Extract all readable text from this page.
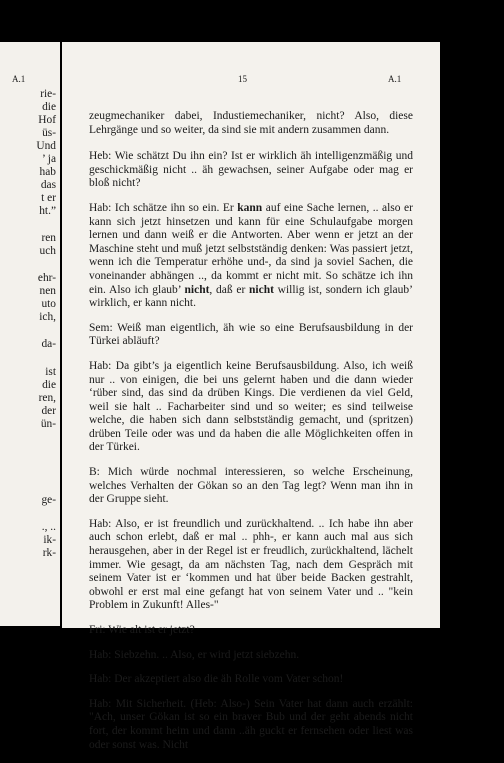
A.1
rie-
die
Hof
üs-
Und
’ ja
hab
das
t er
ht.”
ren
uch
ehr-
nen
uto
ich,
da-
ist
die
ren,
der
ün-
ge-
., ..
ik-
rk-
15	A.1

zeugmechaniker dabei, Industiemechaniker, nicht? Also, diese Lehrgänge und so weiter, da sind sie mit andern zusammen dann.

Heb: Wie schätzt Du ihn ein? Ist er wirklich äh intelligenzmäßig und geschickmäßig nicht .. äh gewachsen, seiner Aufgabe oder mag er bloß nicht?

Hab: Ich schätze ihn so ein. Er kann auf eine Sache lernen, .. also er kann sich jetzt hinsetzen und kann für eine Schulaufgabe morgen lernen und dann weiß er die Antworten. Aber wenn er jetzt an der Maschine steht und muß jetzt selbstständig denken: Was passiert jetzt, wenn ich die Temperatur erhöhe und-, da sind ja soviel Sachen, die voneinander abhängen .., da kommt er nicht mit. So schätze ich ihn ein. Also ich glaub’ nicht, daß er nicht willig ist, sondern ich glaub’ wirklich, er kann nicht.

Sem: Weiß man eigentlich, äh wie so eine Berufsausbildung in der Türkei abläuft?

Hab: Da gibt’s ja eigentlich keine Berufsausbildung. Also, ich weiß nur .. von einigen, die bei uns gelernt haben und die dann wieder ‘rüber sind, das sind da drüben Kings. Die verdienen da viel Geld, weil sie halt .. Facharbeiter sind und so weiter; es sind teilweise welche, die haben sich dann selbstständig gemacht, und (spritzen) drüben Teile oder was und da haben die alle Möglichkeiten offen in der Türkei.

B: Mich würde nochmal interessieren, so welche Erscheinung, welches Verhalten der Gökan so an den Tag legt? Wenn man ihn in der Gruppe sieht.

Hab: Also, er ist freundlich und zurückhaltend. .. Ich habe ihn aber auch schon erlebt, daß er mal .. phh-, er kann auch mal aus sich herausgehen, aber in der Regel ist er freudlich, zurückhaltend, lächelt immer. Wie gesagt, da am nächsten Tag, nach dem Gespräch mit seinem Vater ist er ‘kommen und hat über beide Backen gestrahlt, obwohl er erst mal eine gefangt hat von seinem Vater und .. "kein Problem in Zukunft! Alles-"

Fri: Wie alt ist er jetzt?

Hab: Siebzehn. .. Also, er wird jetzt siebzehn.

Hab: Der akzeptiert also die äh Rolle vom Vater schon!

Hab: Mit Sicherheit. (Heb: Also-) Sein Vater hat dann auch erzählt: "Ach, unser Gökan ist so ein braver Bub und der geht abends nicht fort, der kommt heim und dann ..äh guckt er fernsehen oder liest was oder sonst was. Nicht
